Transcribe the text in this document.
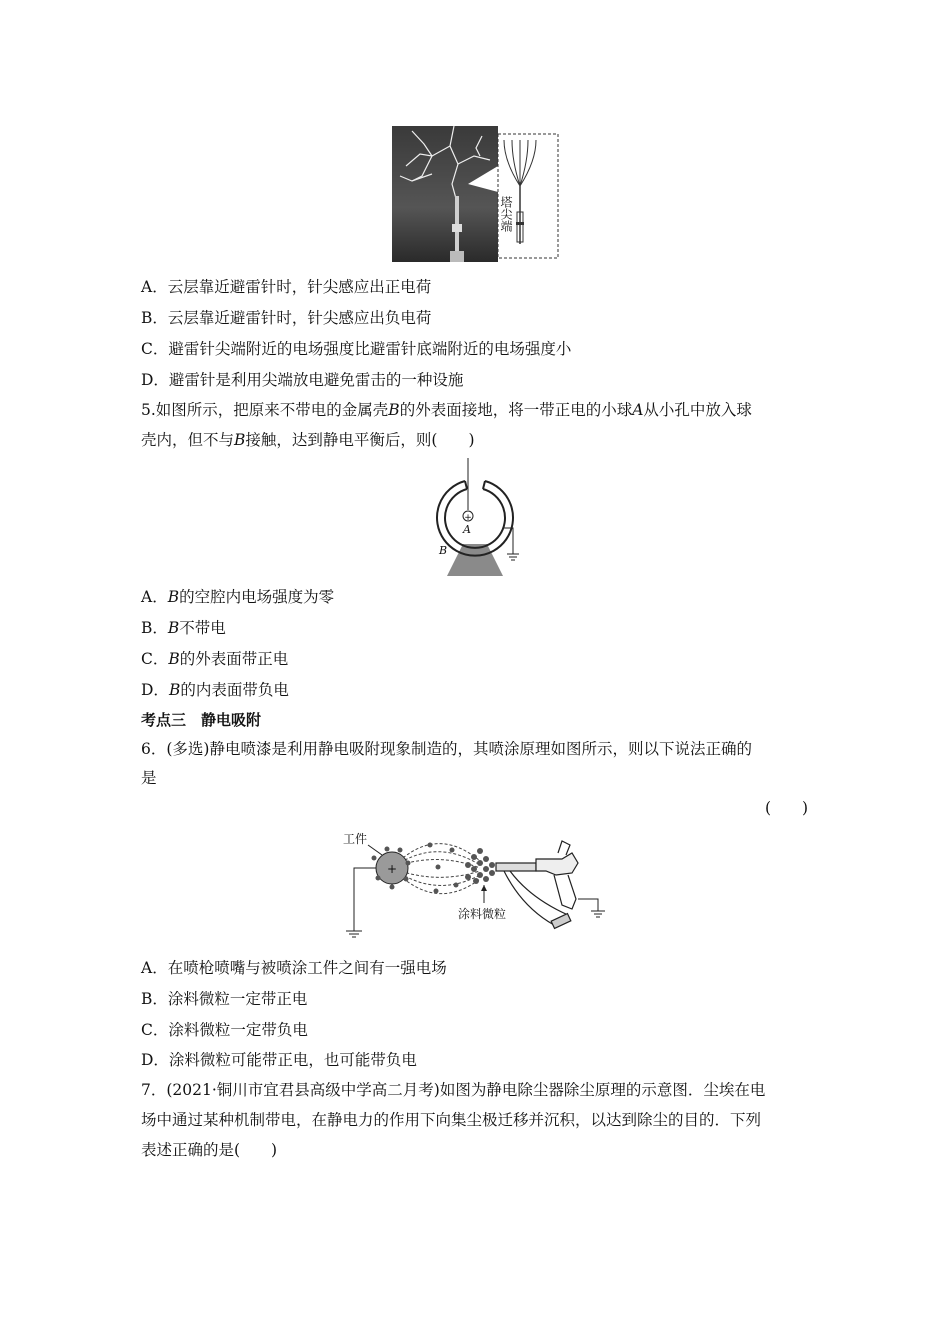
塔尖端
A．云层靠近避雷针时，针尖感应出正电荷
B．云层靠近避雷针时，针尖感应出负电荷
C．避雷针尖端附近的电场强度比避雷针底端附近的电场强度小
D．避雷针是利用尖端放电避免雷击的一种设施
5.如图所示，把原来不带电的金属壳B的外表面接地，将一带正电的小球A从小孔中放入球
壳内，但不与B接触，达到静电平衡后，则(　　)
+
A
B
A．B的空腔内电场强度为零
B．B不带电
C．B的外表面带正电
D．B的内表面带负电
考点三　静电吸附
6．(多选)静电喷漆是利用静电吸附现象制造的，其喷涂原理如图所示，则以下说法正确的
是
(　　)
工件
+
涂料微粒
A．在喷枪喷嘴与被喷涂工件之间有一强电场
B．涂料微粒一定带正电
C．涂料微粒一定带负电
D．涂料微粒可能带正电，也可能带负电
7．(2021·铜川市宜君县高级中学高二月考)如图为静电除尘器除尘原理的示意图．尘埃在电
场中通过某种机制带电，在静电力的作用下向集尘极迁移并沉积，以达到除尘的目的．下列
表述正确的是(　　)
